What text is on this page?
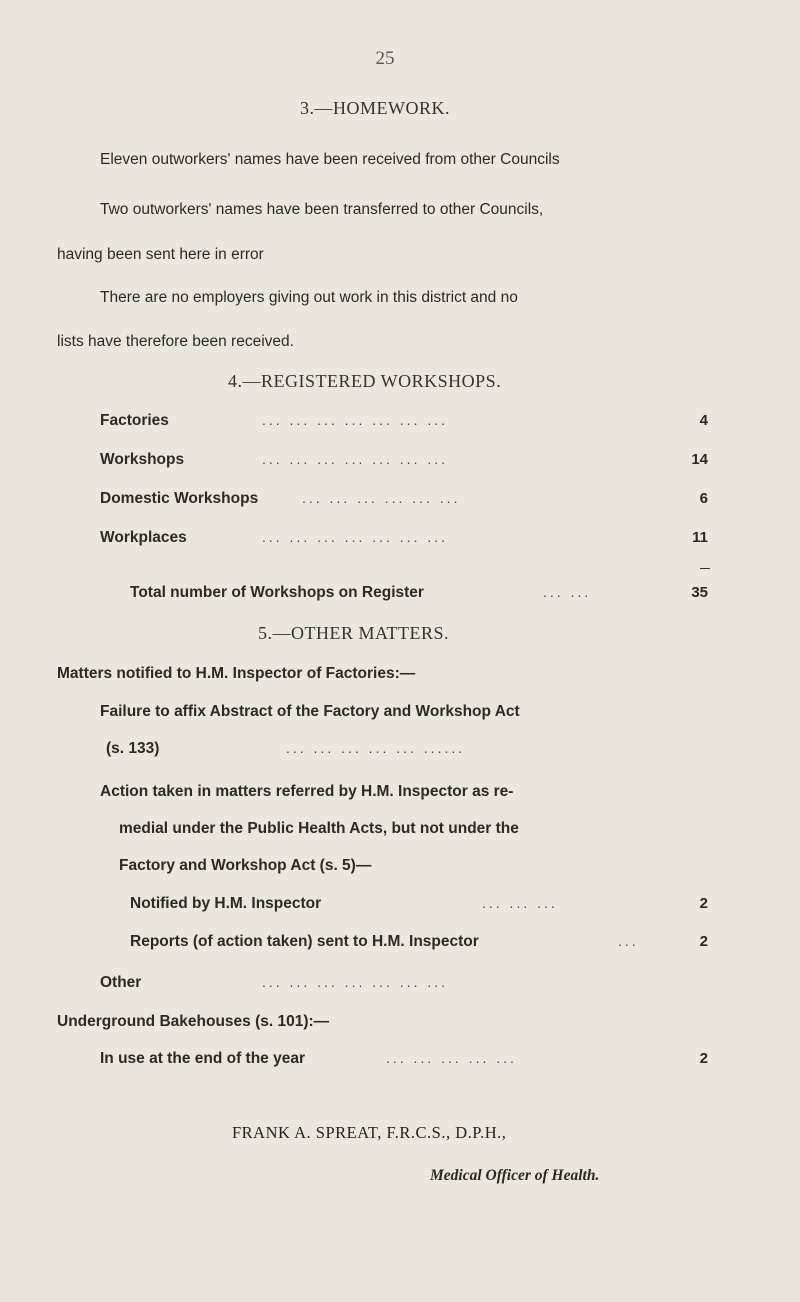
25
3.—HOMEWORK.
Eleven outworkers' names have been received from other Councils
Two outworkers' names have been transferred to other Councils,
having been sent here in error
There are no employers giving out work in this district and no
lists have therefore been received.
4.—REGISTERED WORKSHOPS.
Factories	... ... ... ... ... ... ...	4
Workshops	... ... ... ... ... ... ...	14
Domestic Workshops	... ... ... ... ... ...	6
Workplaces	... ... ... ... ... ... ...	11
Total number of Workshops on Register	... ...	35
5.—OTHER MATTERS.
Matters notified to H.M. Inspector of Factories:—
Failure to affix Abstract of the Factory and Workshop Act
(s. 133)	... ... ... ... ... ......
Action taken in matters referred by H.M. Inspector as re-
medial under the Public Health Acts, but not under the
Factory and Workshop Act (s. 5)—
Notified by H.M. Inspector	... ... ...	2
Reports (of action taken) sent to H.M. Inspector	...	2
Other	... ... ... ... ... ... ...
Underground Bakehouses (s. 101):—
In use at the end of the year	... ... ... ... ...	2
FRANK A. SPREAT, F.R.C.S., D.P.H.,
Medical Officer of Health.
